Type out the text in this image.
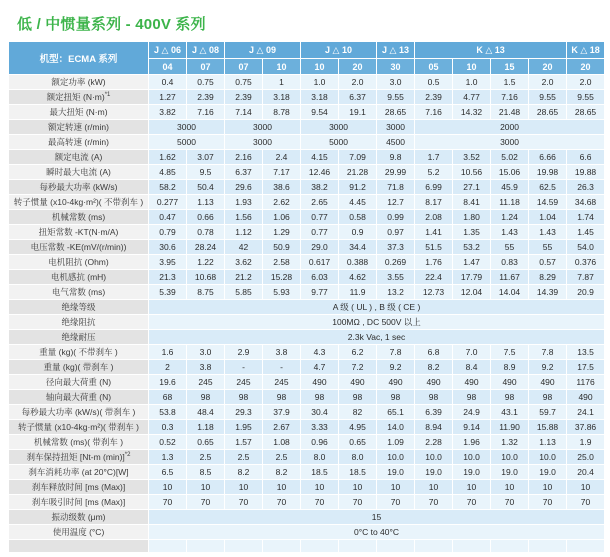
低 / 中惯量系列 - 400V 系列
机型：ECMA 系列	J △ 06	J △ 08	J △ 09		J △ 10		J △ 13	K △ 13				K △ 18
	04	07	07	10	10	20	30	05	10	15	20	20
额定功率 (kW)	0.4	0.75	0.75	1	1.0	2.0	3.0	0.5	1.0	1.5	2.0	2.0
额定扭矩 $(N\cdot m)^{*1}$	1.27	2.39	2.39	3.18	3.18	6.37	9.55	2.39	4.77	7.16	9.55	9.55
最大扭矩 (N·m)	3.82	7.16	7.14	8.78	9.54	19.1	28.65	7.16	14.32	21.48	28.65	28.65
额定转速 (r/min)	3000		3000		3000		3000	2000				
最高转速 (r/min)	5000		3000		5000		4500	3000				
额定电流 (A)	1.62	3.07	2.16	2.4	4.15	7.09	9.8	1.7	3.52	5.02	6.66	6.6
瞬时最大电流 (A)	4.85	9.5	6.37	7.17	12.46	21.28	29.99	5.2	10.56	15.06	19.98	19.88
每秒最大功率 (kW/s)	58.2	50.4	29.6	38.6	38.2	91.2	71.8	6.99	27.1	45.9	62.5	26.3
转子惯量 (x10-4kg·m²)( 不带刹车 )	0.277	1.13	1.93	2.62	2.65	4.45	12.7	8.17	8.41	11.18	14.59	34.68
机械常数 (ms)	0.47	0.66	1.56	1.06	0.77	0.58	0.99	2.08	1.80	1.24	1.04	1.74
扭矩常数 -KT(N·m/A)	0.79	0.78	1.12	1.29	0.77	0.9	0.97	1.41	1.35	1.43	1.43	1.45
电压常数 -KE(mV/(r/min))	30.6	28.24	42	50.9	29.0	34.4	37.3	51.5	53.2	55	55	54.0
电机阻抗 (Ohm)	3.95	1.22	3.62	2.58	0.617	0.388	0.269	1.76	1.47	0.83	0.57	0.376
电机感抗 (mH)	21.3	10.68	21.2	15.28	6.03	4.62	3.55	22.4	17.79	11.67	8.29	7.87
电气常数 (ms)	5.39	8.75	5.85	5.93	9.77	11.9	13.2	12.73	12.04	14.04	14.39	20.9
绝缘等级	A 级 ( UL ) , B 级 ( CE )											
绝缘阻抗	100MΩ , DC 500V 以上											
绝缘耐压	2.3k Vac, 1 sec											
重量 (kg)( 不带刹车 )	1.6	3.0	2.9	3.8	4.3	6.2	7.8	6.8	7.0	7.5	7.8	13.5
重量 (kg)( 带刹车 )	2	3.8	-	-	4.7	7.2	9.2	8.2	8.4	8.9	9.2	17.5
径向最大荷重 (N)	19.6	245	245	245	490	490	490	490	490	490	490	1176
轴向最大荷重 (N)	68	98	98	98	98	98	98	98	98	98	98	490
每秒最大功率 (kW/s)( 带刹车 )	53.8	48.4	29.3	37.9	30.4	82	65.1	6.39	24.9	43.1	59.7	24.1
转子惯量 (x10-4kg·m²)( 带刹车 )	0.3	1.18	1.95	2.67	3.33	4.95	14.0	8.94	9.14	11.90	15.88	37.86
机械常数 (ms)( 带刹车 )	0.52	0.65	1.57	1.08	0.96	0.65	1.09	2.28	1.96	1.32	1.13	1.9
刹车保持扭矩 [Nt-m (min)]$^{*2}$	1.3	2.5	2.5	2.5	8.0	8.0	10.0	10.0	10.0	10.0	10.0	25.0
刹车消耗功率 (at 20°C)[W]	6.5	8.5	8.2	8.2	18.5	18.5	19.0	19.0	19.0	19.0	19.0	20.4
刹车释放时间 [ms (Max)]	10	10	10	10	10	10	10	10	10	10	10	10
刹车吸引时间 [ms (Max)]	70	70	70	70	70	70	70	70	70	70	70	70
振动级数 (μm)	15											
使用温度 (°C)	0°C to 40°C											
